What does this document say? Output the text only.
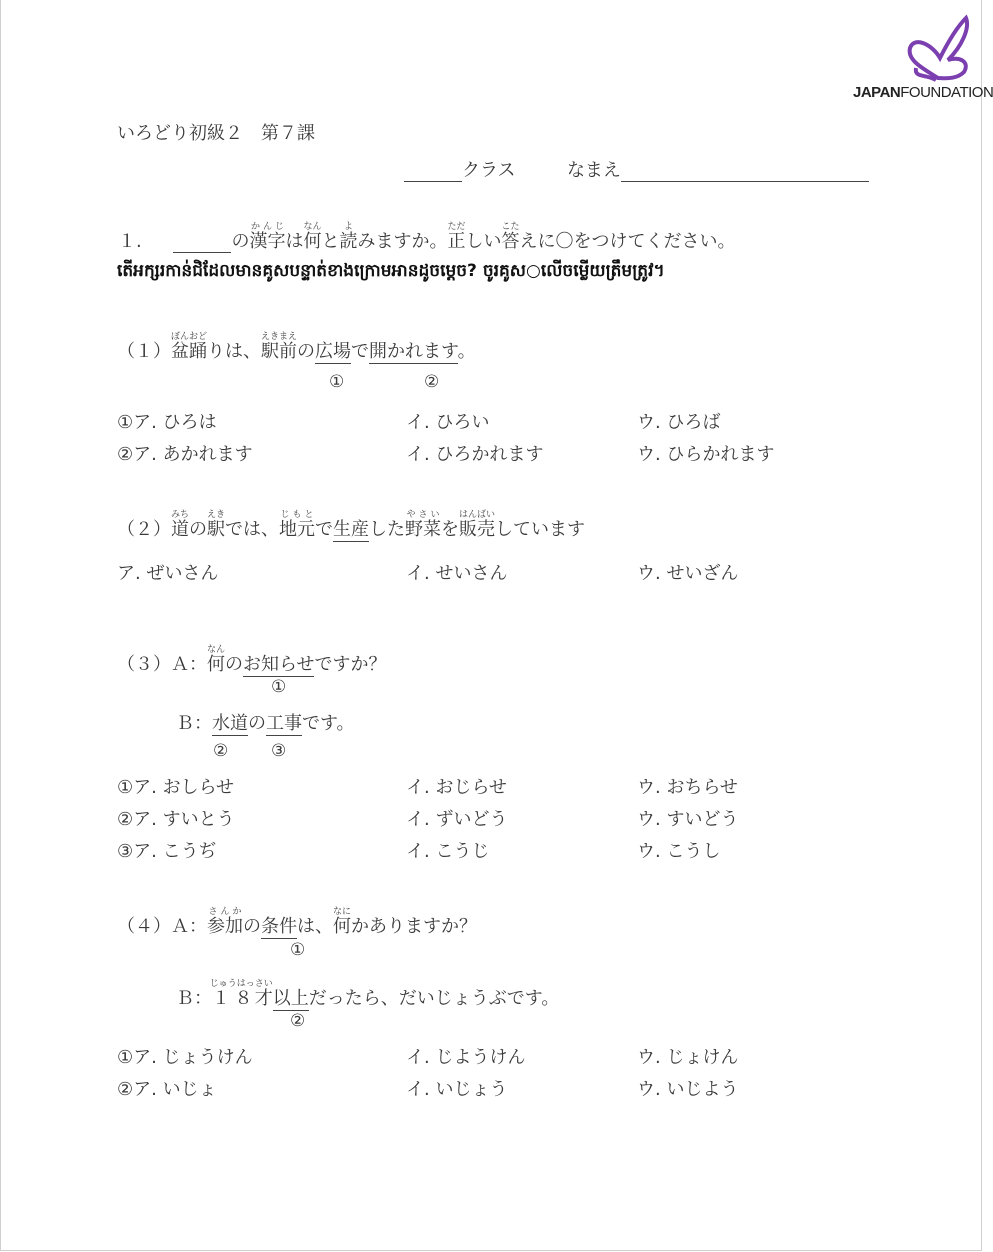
JAPANFOUNDATION
いろどり初級２　第７課
クラス	なまえ
１.	の漢字かんじは何なんと読よみますか。正ただしい答こたえに〇をつけてください。
តើអក្សរកាន់ជិដែលមានគូសបន្ទាត់ខាងក្រោមអានដូចម្តេច? ចូរគូស○លើចម្លើយត្រឹមត្រូវ។
（１）盆踊ぼんおどりは、駅前えきまえの広場で開かれます。
①	②
①ア. ひろは	イ. ひろい	ウ. ひろば
②ア. あかれます	イ. ひろかれます	ウ. ひらかれます
（２）道みちの駅えきでは、地元じもとで生産した野菜やさいを販売はんばいしています
ア. ぜいさん	イ. せいさん	ウ. せいざん
（３）Ａ：何なんのお知らせですか？
①
Ｂ：水道の工事です。
②	③
①ア. おしらせ	イ. おじらせ	ウ. おちらせ
②ア. すいとう	イ. ずいどう	ウ. すいどう
③ア. こうぢ	イ. こうじ	ウ. こうし
（４）Ａ：参加さんかの条件は、何なにかありますか？
①
Ｂ：１８じゅうはっ才さい以上だったら、だいじょうぶです。
②
①ア. じょうけん	イ. じようけん	ウ. じょけん
②ア. いじょ	イ. いじょう	ウ. いじよう
